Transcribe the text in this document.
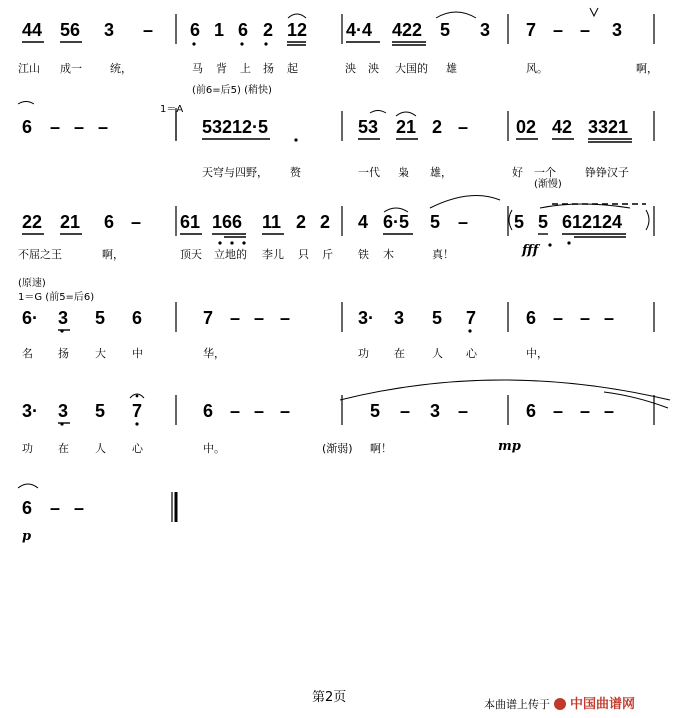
44 56 3 – 6 1 6 2 12 4·4 422 5 3 7 – – 3
江山 成一	统，	马 背 上 扬 起	泱 泱 大国的 雄	风。	啊，
(前6=后5) (稍快)
6 – – –	53212·5	53 21 2 –	02 42 3321
天穹与四野， 赘	一代 枭 雄，	好 一个	铮铮汉子
1＝A
(渐慢)
22 21 6 – 61 166 11 2 2 4 6·5 5 –	5 5 612124
不屈之王	啊，	顶天 立地的 李儿 只 斤 铁 木	真！	fff
6· 3 5 6	7 – – –	3· 3 5 7	6 – – –
名 扬 大 中	华，	功 在 人 心	中，
(原速)
1＝G (前5=后6)
3· 3 5 7	6 – – –	5 – 3 –	6 – – –
功 在 人 心	中。	(渐弱) 啊！	mp
6 – –
p
第2页	本曲谱上传于 中国曲谱网
